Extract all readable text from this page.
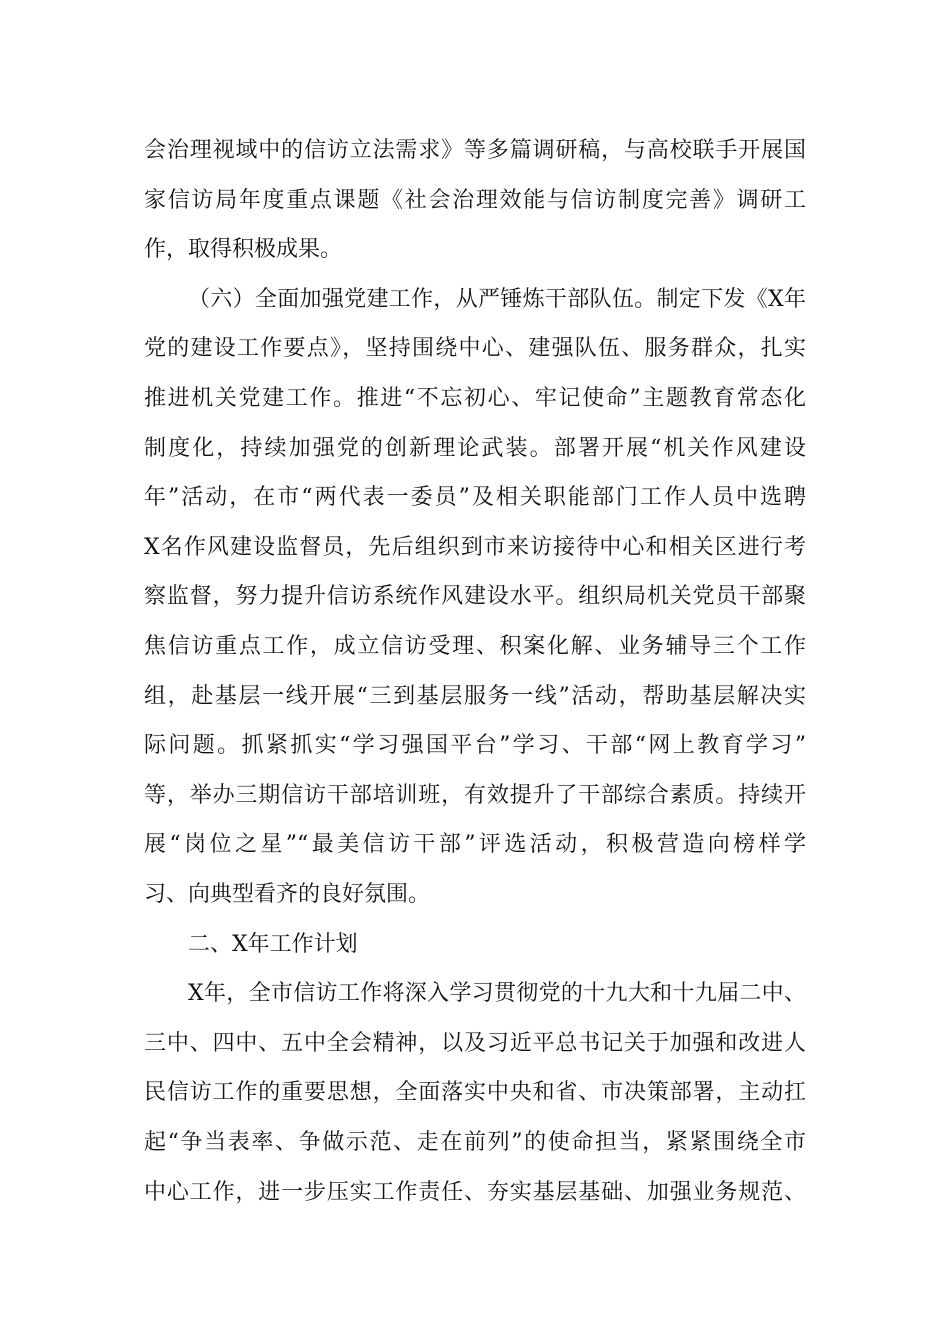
会治理视域中的信访立法需求》等多篇调研稿，与高校联手开展国
家信访局年度重点课题《社会治理效能与信访制度完善》调研工
作，取得积极成果。
（六）全面加强党建工作，从严锤炼干部队伍。制定下发《X年
党的建设工作要点》，坚持围绕中心、建强队伍、服务群众，扎实
推进机关党建工作。推进“不忘初心、牢记使命”主题教育常态化
制度化，持续加强党的创新理论武装。部署开展“机关作风建设
年”活动，在市“两代表一委员”及相关职能部门工作人员中选聘
X名作风建设监督员，先后组织到市来访接待中心和相关区进行考
察监督，努力提升信访系统作风建设水平。组织局机关党员干部聚
焦信访重点工作，成立信访受理、积案化解、业务辅导三个工作
组，赴基层一线开展“三到基层服务一线”活动，帮助基层解决实
际问题。抓紧抓实“学习强国平台”学习、干部“网上教育学习”
等，举办三期信访干部培训班，有效提升了干部综合素质。持续开
展“岗位之星”“最美信访干部”评选活动，积极营造向榜样学
习、向典型看齐的良好氛围。
二、X年工作计划
X年，全市信访工作将深入学习贯彻党的十九大和十九届二中、
三中、四中、五中全会精神，以及习近平总书记关于加强和改进人
民信访工作的重要思想，全面落实中央和省、市决策部署，主动扛
起“争当表率、争做示范、走在前列”的使命担当，紧紧围绕全市
中心工作，进一步压实工作责任、夯实基层基础、加强业务规范、
